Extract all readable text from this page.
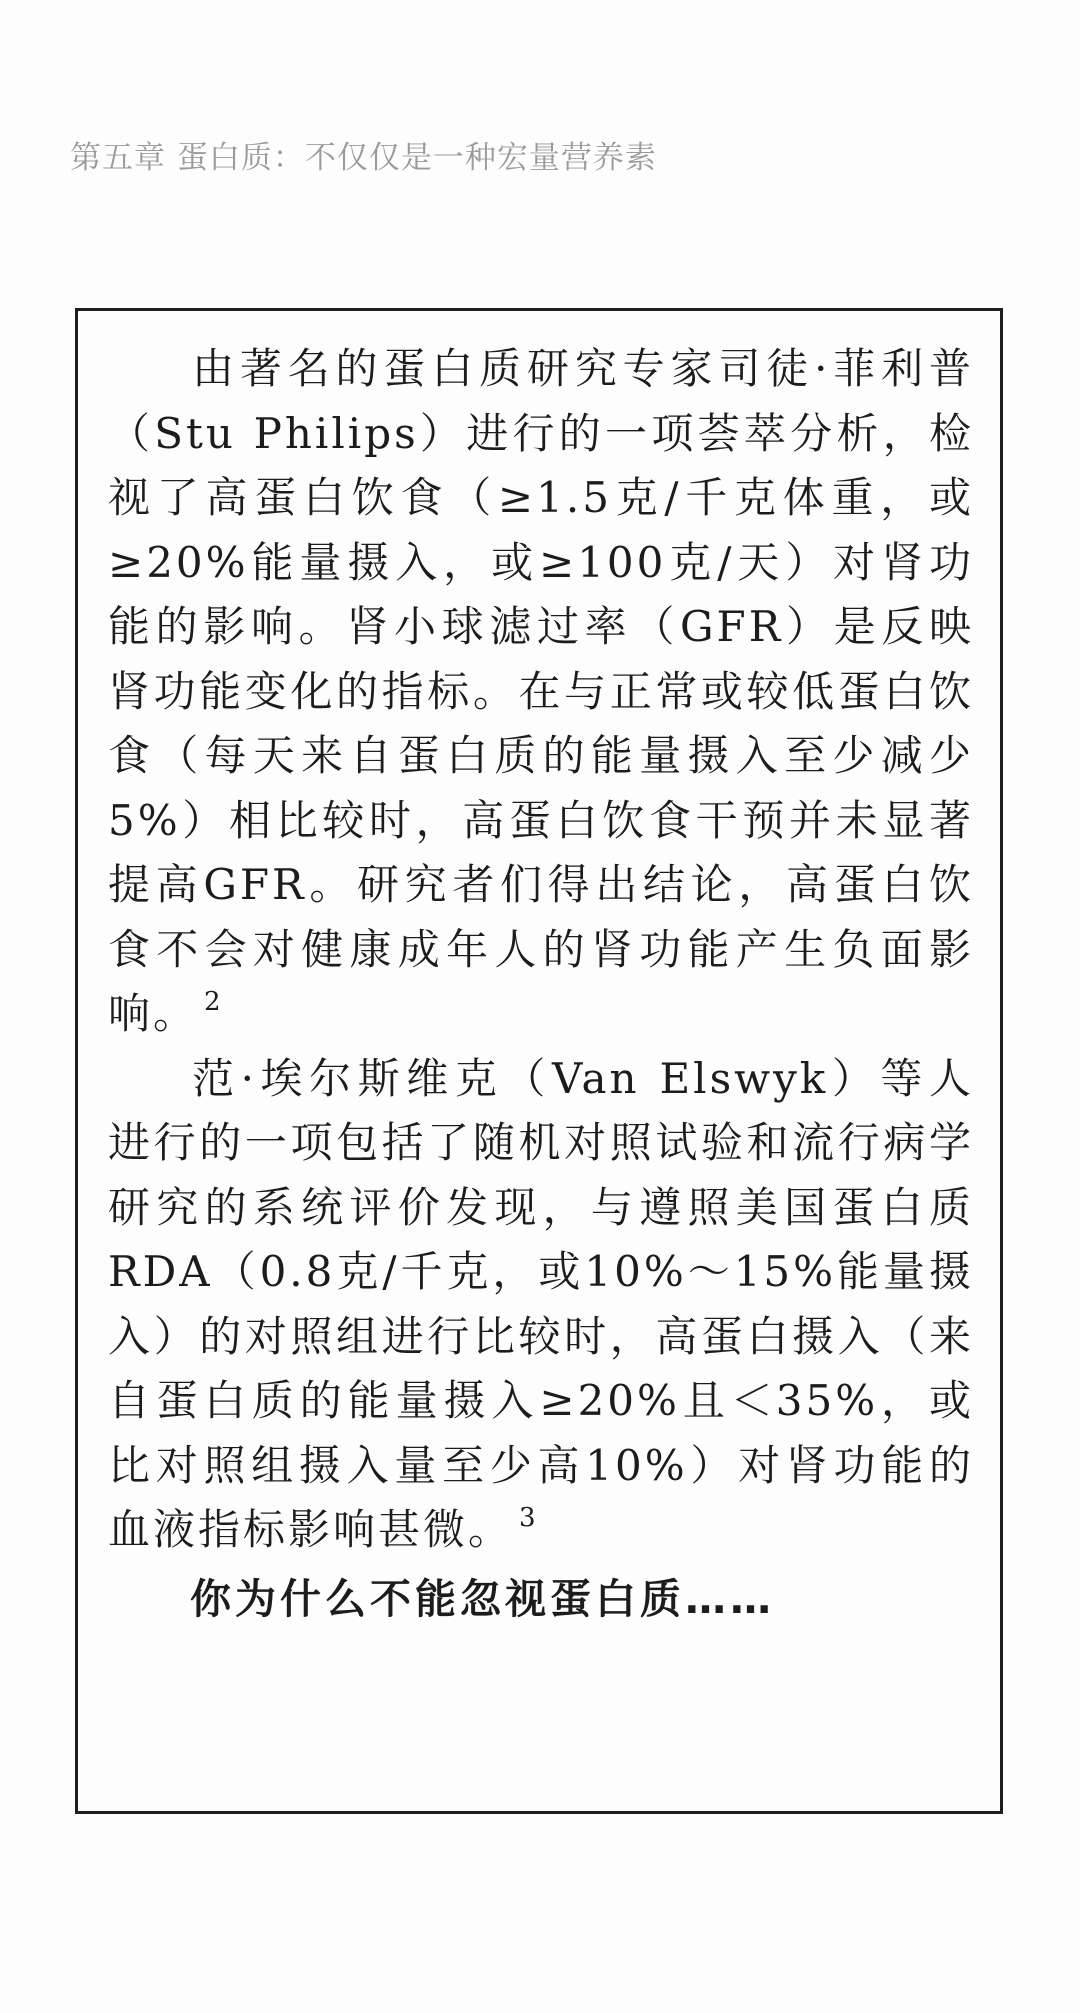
第五章 蛋白质：不仅仅是一种宏量营养素

由著名的蛋白质研究专家司徒·菲利普（Stu Philips）进行的一项荟萃分析，检视了高蛋白饮食（≥1.5克/千克体重，或≥20%能量摄入，或≥100克/天）对肾功能的影响。肾小球滤过率（GFR）是反映肾功能变化的指标。在与正常或较低蛋白饮食（每天来自蛋白质的能量摄入至少减少5%）相比较时，高蛋白饮食干预并未显著提高GFR。研究者们得出结论，高蛋白饮食不会对健康成年人的肾功能产生负面影响。 $^2$

范·埃尔斯维克（Van Elswyk）等人进行的一项包括了随机对照试验和流行病学研究的系统评价发现，与遵照美国蛋白质RDA（0.8克/千克，或10%～15%能量摄入）的对照组进行比较时，高蛋白摄入（来自蛋白质的能量摄入≥20%且＜35%，或比对照组摄入量至少高10%）对肾功能的血液指标影响甚微。 $^3$

你为什么不能忽视蛋白质……
